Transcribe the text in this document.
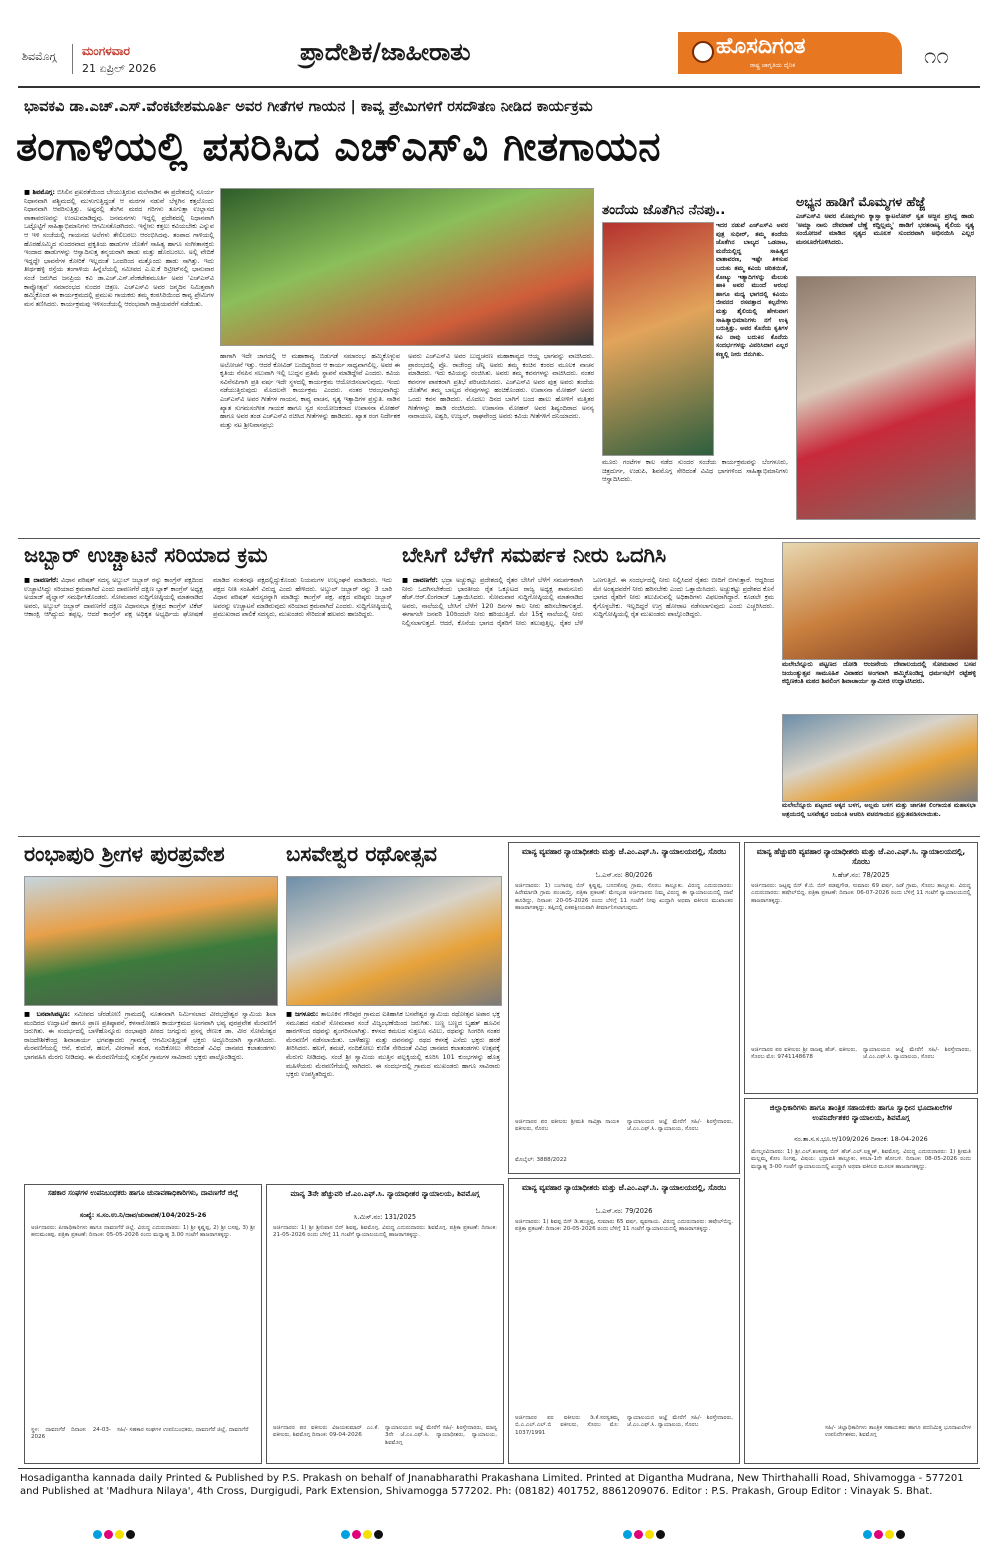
ಶಿವಮೊಗ್ಗ ಮಂಗಳವಾರ
21 ಏಪ್ರಿಲ್ 2026
ಪ್ರಾದೇಶಿಕ/ಜಾಹೀರಾತು	ಹೊಸದಿಗಂತ
ರಾಷ್ಟ್ರ ಜಾಗೃತಿಯ ದೈನಿಕ	೧೧
ಭಾವಕವಿ ಡಾ.ಎಚ್.ಎಸ್.ವೆಂಕಟೇಶಮೂರ್ತಿ ಅವರ ಗೀತೆಗಳ ಗಾಯನ | ಕಾವ್ಯ ಪ್ರೇಮಿಗಳಿಗೆ ರಸದೌತಣ ನೀಡಿದ ಕಾರ್ಯಕ್ರಮ
ತಂಗಾಳಿಯಲ್ಲಿ ಪಸರಿಸಿದ ಎಚ್‌ಎಸ್‌ವಿ ಗೀತಗಾಯನ
■ ಶಿವಮೊಗ್ಗ: ಬಿಸಿಲಿನ ಪ್ರಖರತೆಯಿಂದ ಬೇಯುತ್ತಿರುವ ಮಲೆನಾಡಿನ ಈ ಪ್ರದೇಶದಲ್ಲಿ ಸೂರ್ಯ ನಿಧಾನವಾಗಿ ಪಶ್ಚಿಮದಲ್ಲಿ ಮುಳುಗುತ್ತಿದ್ದಂತೆ ಆ ಮರಗಳ ನಡುವೆ ಬೆಳ್ಳಗಿನ ಕತ್ತಲೊಂದು ನಿಧಾನವಾಗಿ ಆವರಿಸುತ್ತಿತ್ತು. ಅಷ್ಟರಲ್ಲಿ ತೆಂಗಿನ ಮರದ ಗರಿಗಳು ತೂಗುತ್ತಾ ಉಲ್ಲಾಸದ ವಾತಾವರಣವನ್ನು ಉಂಟುಮಾಡಿದ್ದವು. ಜನಮನಗಳು ಇದ್ದಲ್ಲಿ ಪ್ರದೇಶದಲ್ಲಿ ನಿಧಾನವಾಗಿ ಒಟ್ಟೊಟ್ಟಿಗೆ ಸಾಹಿತ್ಯಾಭಿಮಾನಿಗಳು ಆಗಮಿಸತೊಡಗಿದರು. ಇನ್ನೇನು ಕತ್ತಲು ಕವಿಯಬೇಕು ಎನ್ನುವ ಆ ಇಳಿ ಸಂಜೆಯಲ್ಲಿ ಗಾಯನದ ಅಲೆಗಳು ತೇಲಿಬರಲು ಆರಂಭಿಸಿದವು. ತಂಪಾದ ಗಾಳಿಯಲ್ಲಿ ಹೊರಹೊಮ್ಮಿದ ಸುಂದರವಾದ ಪ್ರಕೃತಿಯ ಹಾಡುಗಳ ಜೊತೆಗೆ ಸಾಹಿತ್ಯ ಹಾಗೂ ಸಂಗೀತಾಸಕ್ತರು ಇಂದಾದ ಹಾಡುಗಳನ್ನು ಆಸ್ವಾದಿಸುತ್ತ ತನ್ಮಯರಾಗಿ ಹಾಡು ಮತ್ತು ಹೊರಬರಲು. ಅಲ್ಲಿ ವೇದಿಕೆ ಇದ್ದದ್ದೇ ಭಾವನೆಗಳ ಕೋರಿಕೆ ಇಲ್ಲದಂತೆ ಒಂದರಿಂದ ಮತ್ತೊಂದು ಹಾಡು ಸಾಗಿತ್ತು. ಇದು ತೀರ್ಥಹಳ್ಳಿ ರಸ್ತೆಯ ತಂಗಾಳಿಯ ಹಿನ್ನೆಲೆಯಲ್ಲಿ ಸಮೀಪದ ಎ.ಐ.ಕೆ ರಿಟ್ರೀಟ್‌ನಲ್ಲಿ ಭಾನುವಾರ ಸಂಜೆ ಜರುಗಿದ ಜನಪ್ರಿಯ ಕವಿ ಡಾ.ಎಚ್.ಎಸ್.ವೆಂಕಟೇಶಮೂರ್ತಿ ಅವರ 'ಎಚ್‌ಎಸ್‌ವಿ ಕಾವ್ಯೋತ್ಸವ' ಸಮಾರಂಭದ ಸುಂದರ ಚಿತ್ರಣ. ಎಚ್‌ಎಸ್‌ವಿ ಅವರ ಜನ್ಮದಿನ ನಿಮಿತ್ತವಾಗಿ ಹಮ್ಮಿಕೊಂಡ ಈ ಕಾರ್ಯಕ್ರಮದಲ್ಲಿ ಪ್ರಮುಖ ಗಾಯಕರು ತಮ್ಮ ಕಂಠಸಿರಿಯಿಂದ ಕಾವ್ಯ ಪ್ರೇಮಿಗಳ ಮನ ತಣಿಸಿದರು. ಕಾರ್ಯಕ್ರಮವು ಇಳಿಸಂಜೆಯಲ್ಲಿ ಆರಂಭವಾಗಿ ರಾತ್ರಿಯವರೆಗೆ ನಡೆಯಿತು.
ಹಾಗಾಗಿ ಇದೇ ಜಾಗದಲ್ಲಿ ಆ ಮಹಾಕಾವ್ಯ ಬಿಡುಗಡೆ ಸಮಾರಂಭ ಹಮ್ಮಿಕೊಳ್ಳುವ ಅಲೋಚನೆ ಇತ್ತು. ಆದರೆ ಕೋವಿಡ್ ಬಂದಿದ್ದರಿಂದ ಆ ಕಾರ್ಯ ಸಾಧ್ಯವಾಗಲಿಲ್ಲ. ಅವರ ಈ ಕೃತಿಯ ನೆನಪಿನ ಸಲುವಾಗಿ ಇಲ್ಲಿ ಬುದ್ದನ ಪ್ರತಿಮೆ ಸ್ಥಾಪನೆ ಮಾಡಿದ್ದೇವೆ ಎಂದರು. ಕವಿಯ ಸವಿನೆನಪಿಗಾಗಿ ಪ್ರತಿ ವರ್ಷ ಇದೇ ಸ್ಥಳದಲ್ಲಿ ಕಾರ್ಯಕ್ರಮ ಆಯೋಜಿಸಲಾಗುವುದು. ಇಂದು ನಡೆಯುತ್ತಿರುವುದು ಮೊದಲನೇ ಕಾರ್ಯಕ್ರಮ ಎಂದರು. ನಂತರ ಆರಂಭವಾಗಿದ್ದು ಎಚ್‌ಎಸ್‌ವಿ ಅವರ ಗೀತೆಗಳ ಗಾಯನ, ಕಾವ್ಯ ವಾಚನ, ನೃತ್ಯ ಇತ್ಯಾದಿಗಳ ಪ್ರಸ್ತುತಿ. ನಾಡಿನ ಖ್ಯಾತ ಸುಗಮಸಂಗೀತ ಗಾಯಕ ಹಾಗೂ ಸ್ವರ ಸಂಯೋಜಕರಾದ ಉಪಾಸನಾ ಮೋಹನ್ ಹಾಗೂ ಅವರ ತಂಡ ಎಚ್‌ಎಸ್‌ವಿ ರಚಿಸಿದ ಗೀತೆಗಳನ್ನು ಹಾಡಿದರು. ಖ್ಯಾತ ರಂಗ ನಿರ್ದೇಶಕ ಮತ್ತು ನಟ ಶ್ರೀನಿವಾಸಪ್ರಭು
ಅವರು ಎಚ್‌ಎಸ್‌ವಿ ಅವರ ಬುದ್ದಚರಣ ಮಹಾಕಾವ್ಯದ ಆಯ್ದ ಭಾಗವನ್ನು ವಾಚಿಸಿದರು. ಪ್ರಾರಂಭದಲ್ಲಿ ಪ್ರೊ. ರಾಜೇಂದ್ರ ಚೆನ್ನಿ ಅವರು ತಮ್ಮ ಕಂಚಿನ ಕಂಠದ ಮೂಲಕ ವಾಚನ ಮಾಡಿದರು. ಇದು ಕವಿಯನ್ನು ರಂಜಿಸಿತು. ಅವರು ತಮ್ಮ ಕವನಗಳನ್ನು ವಾಚಿಸಿದರು. ನಂತರ ಕವನಗಳ ಪಾಠಕರಾಗಿ ಪ್ರತಿಭೆ ಪರಿಚಯಿಸಿದರು. ಎಚ್‌ಎಸ್‌ವಿ ಅವರ ಪುತ್ರ ಅವರು ತಂದೆಯ ಜೊತೆಗಿನ ತಮ್ಮ ಬಾಲ್ಯದ ನೆನಪುಗಳನ್ನು ಹಂಚಿಕೊಂಡರು. ಉಪಾಸನಾ ಮೋಹನ್ ಅವರು ಒಂದು ಕವನ ಹಾಡಿದರು. ಮೊದಲು ದಿನದ ಬಾಗಿಗೆ ಬಂದ ಹಾಲು ಹೋಳಿಗೆ ಮತ್ತಿತರ ಗೀತೆಗಳನ್ನು ಹಾಡಿ ರಂಜಿಸಿದರು. ಉಪಾಸನಾ ಮೋಹನ್ ಅವರ ಶಿಷ್ಯಂದಿರಾದ ಅನನ್ಯ ನಾರಾಯಣ, ಐಶ್ವರಿ, ಉಜ್ವಲ್, ರಾಘವೇಂದ್ರ ಅವರು ಕವಿಯ ಗೀತೆಗಳಿಗೆ ದನಿಯಾದರು.
ತಂದೆಯ ಜೊತೆಗಿನ ನೆನಪು..
ಇದರ ನಡುವೆ ಎಚ್‌ಎಸ್‌ವಿ ಅವರ ಪುತ್ರ ಸುಧೀರ್, ತಮ್ಮ ತಂದೆಯ ಜೊತೆಗಿನ ಬಾಲ್ಯದ ಒಡನಾಟ, ಮನೆಯಲ್ಲಿದ್ದ ಸಾಹಿತ್ಯದ ವಾತಾವರಣ, ಇಷ್ಟೇ ತಿಳಿಸುವ ಬದುಕು ತಮ್ಮ ಕವಿಯ ಚರಿತಯಿತೆ, ಕೋಟ್ಯು ಇತ್ಯಾದಿಗಳನ್ನು ಮೆಲುಕು ಹಾಕಿ ಅವರ ಮುಂದೆ ಆರಂಭ ಹಾಗೂ ಮಧ್ಯ ಭಾಗದಲ್ಲಿ ಕವಿಯು ಜೀವನದ ರಸವತ್ತಾದ ಕಲ್ಪನೆಗಳು ಮತ್ತು ಶೈಲಿಯಲ್ಲಿ ಹೇಳುವಾಗ ಸಾಹಿತ್ಯಾಭಿಮಾನಿಗಳು ನಗೆ ಉಕ್ಕಿ ಬರುತ್ತಿತ್ತು. ಅವರ ಕೊನೆಯ ಕೃತಿಗಳ ಕವಿ ನಾವು ಬದುಕಿನ ಕೊನೆಯ ಸಂದರ್ಭಗಳನ್ನು ವಿವರಿಸಿದಾಗ ಎಲ್ಲರ ಕಣ್ಣಲ್ಲಿ ನೀರು ಜಿನುಗಿತು.
ಅಭ್ಯನ ಹಾಡಿಗೆ ಮೊಮ್ಮಗಳ ಹೆಜ್ಜೆ
ಎಚ್‌ಎಸ್‌ವಿ ಅವರ ಮೊಮ್ಮಗಳು ಕ್ಯಾಸ್ಸಾ ಕ್ಯಾಟಲೋನ್ ಸ್ವತ ಅಜ್ಜನ ಪ್ರಸಿದ್ಧ ಹಾಡು 'ಅಮ್ಮಾ ನಾನು ದೇವರಾಣೆ ಬೆಣ್ಣೆ ಕದ್ದಿಲ್ಲಮ್ಮ' ಹಾಡಿಗೆ ಭರತನಾಟ್ಯ ಶೈಲಿಯ ನೃತ್ಯ ಸಂಯೋಜನೆ ಮಾಡಿದ ನೃತ್ಯದ ಮೂಲಕ ಸುಂದರವಾಗಿ ಅಭಿನಯಿಸಿ ಎಲ್ಲರ ಮನಸೂರೆಗೊಳಿಸಿದರು.
ಮೂರು ಗಂಟೆಗಳ ಕಾಲ ನಡೆದ ಸುಂದರ ಸಂಜೆಯ ಕಾರ್ಯಕ್ರಮವನ್ನು ಬೆಂಗಳೂರು, ಚಿತ್ರದುರ್ಗ, ಉಡುಪಿ, ಶಿವಮೊಗ್ಗ ಸೇರಿದಂತೆ ವಿವಿಧ ಭಾಗಗಳಿಂದ ಸಾಹಿತ್ಯಾಭಿಮಾನಿಗಳು ಆಸ್ವಾದಿಸಿದರು.
ಜಬ್ಬಾರ್ ಉಚ್ಚಾಟನೆ ಸರಿಯಾದ ಕ್ರಮ
■ ದಾವಣಗೆರೆ: ವಿಧಾನ ಪರಿಷತ್ ಸದಸ್ಯ ಅಬ್ದುಲ್ ಜಬ್ಬಾರ್ ರನ್ನು ಕಾಂಗ್ರೆಸ್ ಪಕ್ಷದಿಂದ ಉಚ್ಚಾಟಿಸಿದ್ದು ಸರಿಯಾದ ಕ್ರಮವಾಗಿದೆ ಎಂದು ದಾವಣಗೆರೆ ದಕ್ಷಿಣ ಬ್ಲಾಕ್ ಕಾಂಗ್ರೆಸ್ ಅಧ್ಯಕ್ಷ ಅಯಾಜ್ ಪೈಲ್ವಾನ್ ಸಮರ್ಥಿಸಿಕೊಂಡರು. ಸೋಮವಾರ ಸುದ್ದಿಗೋಷ್ಠಿಯಲ್ಲಿ ಮಾತನಾಡಿದ ಅವರು, ಅಬ್ದುಲ್ ಜಬ್ಬಾರ್ ದಾವಣಗೆರೆ ದಕ್ಷಿಣ ವಿಧಾನಸಭಾ ಕ್ಷೇತ್ರದ ಕಾಂಗ್ರೆಸ್ ಟಿಕೆಟ್ ಆಕಾಂಕ್ಷಿ ಆಗಿದ್ದುದು ತಪ್ಪಲ್ಲ. ಆದರೆ ಕಾಂಗ್ರೆಸ್ ಪಕ್ಷ ಅಧಿಕೃತ ಅಭ್ಯರ್ಥಿಯ ಘೋಷಣೆ ಮಾಡಿದ ನಂತರವೂ ಪಕ್ಷದಲ್ಲಿದ್ದುಕೊಂಡು ನಿಯಮಗಳ ಉಲ್ಲಂಘನೆ ಮಾಡಿದರು. ಇದು ಪಕ್ಷದ ನೀತಿ ಸಂಹಿತೆಗೆ ವಿರುದ್ಧ ಎಂದು ಹೇಳಿದರು. ಅಬ್ದುಲ್ ಜಬ್ಬಾರ್ ರನ್ನು 3 ಬಾರಿ ವಿಧಾನ ಪರಿಷತ್ ಸದಸ್ಯರನ್ನಾಗಿ ಮಾಡಿದ್ದು ಕಾಂಗ್ರೆಸ್ ಪಕ್ಷ. ಪಕ್ಷದ ವರಿಷ್ಠರು ಜಬ್ಬಾರ್ ಅವರನ್ನು ಉಚ್ಚಾಟನೆ ಮಾಡಿರುವುದು ಸರಿಯಾದ ಕ್ರಮವಾಗಿದೆ ಎಂದರು. ಸುದ್ದಿಗೋಷ್ಠಿಯಲ್ಲಿ ಪ್ರಮುಖರಾದ ಪಾಲಿಕೆ ಸದಸ್ಯರು, ಮುಖಂಡರು ಸೇರಿದಂತೆ ಹಲವರು ಹಾಜರಿದ್ದರು.
ಬೇಸಿಗೆ ಬೆಳೆಗೆ ಸಮರ್ಪಕ ನೀರು ಒದಗಿಸಿ
■ ದಾವಣಗೆರೆ: ಭದ್ರಾ ಅಚ್ಚುಕಟ್ಟು ಪ್ರದೇಶದಲ್ಲಿ ರೈತರ ಬೇಸಿಗೆ ಬೆಳೆಗೆ ಸಮರ್ಪಕವಾಗಿ ನೀರು ಒದಗಿಸಬೇಕೆಂದು ಭಾರತೀಯ ರೈತ ಒಕ್ಕೂಟದ ರಾಜ್ಯ ಅಧ್ಯಕ್ಷ ಶಾಮನೂರು ಹೆಚ್.ಆರ್.ಲಿಂಗರಾಜ್ ಒತ್ತಾಯಿಸಿದರು. ಸೋಮವಾರ ಸುದ್ದಿಗೋಷ್ಠಿಯಲ್ಲಿ ಮಾತನಾಡಿದ ಅವರು, ನಾಲೆಯಲ್ಲಿ ಬೇಸಿಗೆ ಬೆಳೆಗೆ 120 ದಿನಗಳ ಕಾಲ ನೀರು ಹರಿಸಬೇಕಾಗುತ್ತದೆ. ಈಗಾಗಲೇ ಜನವರಿ 10ರಿಂದಲೇ ನೀರು ಹರಿಯುತ್ತಿದೆ. ಮೇ 15ಕ್ಕೆ ನಾಲೆಯಲ್ಲಿ ನೀರು ನಿಲ್ಲಿಸಲಾಗುತ್ತದೆ. ಆದರೆ, ಕೊನೆಯ ಭಾಗದ ರೈತರಿಗೆ ನೀರು ತಲುಪುತ್ತಿಲ್ಲ. ರೈತರ ಬೆಳೆ ಒಣಗುತ್ತಿದೆ. ಈ ಸಂದರ್ಭದಲ್ಲಿ ನೀರು ನಿಲ್ಲಿಸಿದರೆ ರೈತರು ಬೀದಿಗೆ ಬೀಳುತ್ತಾರೆ. ಆದ್ದರಿಂದ ಮೇ ಅಂತ್ಯದವರೆಗೆ ನೀರು ಹರಿಸಬೇಕು ಎಂದು ಒತ್ತಾಯಿಸಿದರು. ಅಚ್ಚುಕಟ್ಟು ಪ್ರದೇಶದ ಕೊನೆ ಭಾಗದ ರೈತರಿಗೆ ನೀರು ತಲುಪಿಸುವಲ್ಲಿ ಅಧಿಕಾರಿಗಳು ವಿಫಲರಾಗಿದ್ದಾರೆ. ಕೂಡಲೇ ಕ್ರಮ ಕೈಗೊಳ್ಳಬೇಕು. ಇಲ್ಲದಿದ್ದರೆ ಉಗ್ರ ಹೋರಾಟ ನಡೆಸಲಾಗುವುದು ಎಂದು ಎಚ್ಚರಿಸಿದರು. ಸುದ್ದಿಗೋಷ್ಠಿಯಲ್ಲಿ ರೈತ ಮುಖಂಡರು ಪಾಲ್ಗೊಂಡಿದ್ದರು.
ಮಲೇಬೆನ್ನೂರು ಪಟ್ಟಣದ ಜೋಡಿ ಆಂಜನೇಯ ದೇವಾಲಯದಲ್ಲಿ ಸೋಮವಾರ ಬಸವ ಜಯಂತ್ಯುತ್ಸವ ಸಾಮೂಹಿಕ ವಿವಾಹದ ಅಂಗವಾಗಿ ಹಮ್ಮಿಕೊಂಡಿದ್ದ ಧರ್ಮಸಭೆಗೆ ರಟ್ಟೆಹಳ್ಳಿ ಕಬ್ಬಿಣಕಂತಿ ಮಠದ ಶಿವಲಿಂಗ ಶಿವಾಚಾರ್ಯ ಸ್ವಾಮೀಜಿ ಉದ್ಘಾಟಿಸಿದರು.
ಮಲೇಬೆನ್ನೂರು ಪಟ್ಟಣದ ಅಕ್ಕನ ಬಳಗ, ಅಲ್ಲಮ ಬಳಗ ಮತ್ತು ಜಾಗತಿಕ ಲಿಂಗಾಯತ ಮಹಾಸಭಾ ಆಶ್ರಯದಲ್ಲಿ ಬಸವೇಶ್ವರ ಜಯಂತಿ ಆಚರಿಸಿ ವಚನಗಾಯನ ಪ್ರಸ್ತುತಪಡಿಸಲಾಯಿತು.
ರಂಭಾಪುರಿ ಶ್ರೀಗಳ ಪುರಪ್ರವೇಶ
■ ಬನವಾಸಿಪಟ್ಟಣ: ಸಮೀಪದ ಚೆರಡೋಣಿ ಗ್ರಾಮದಲ್ಲಿ ನೂತನವಾಗಿ ನಿರ್ಮಿಸಲಾದ ವೀರಭದ್ರೇಶ್ವರ ಸ್ವಾಮಿಯ ಶಿಲಾ ಮಂದಿರದ ಉದ್ಘಾಟನೆ ಹಾಗೂ ಪ್ರಾಣ ಪ್ರತಿಷ್ಠಾಪನೆ, ಕಳಸಾರೋಹಣ ಕಾರ್ಯಕ್ರಮದ ಅಂಗವಾಗಿ ಭವ್ಯ ಪುರಪ್ರವೇಶ ಮೆರವಣಿಗೆ ಜರುಗಿತು. ಈ ಸಂದರ್ಭದಲ್ಲಿ ಬಾಳೆಹೊನ್ನೂರು ರಂಭಾಪುರಿ ಪೀಠದ ಜಗದ್ಗುರು ಪ್ರಸನ್ನ ರೇಣುಕ ಡಾ. ವೀರ ಸೋಮೇಶ್ವರ ರಾಜದೇಶೀಕೇಂದ್ರ ಶಿವಾಚಾರ್ಯ ಭಗವತ್ಪಾದರು ಗ್ರಾಮಕ್ಕೆ ಆಗಮಿಸುತ್ತಿದ್ದಂತೆ ಭಕ್ತರು ಅದ್ದೂರಿಯಾಗಿ ಸ್ವಾಗತಿಸಿದರು. ಮೆರವಣಿಗೆಯಲ್ಲಿ ಆನೆ, ಕುದುರೆ, ಹಲಗೆ, ವೀರಗಾಸೆ ತಂಡ, ನಂದಿಕೋಲು ಸೇರಿದಂತೆ ವಿವಿಧ ಜಾನಪದ ಕಲಾತಂಡಗಳು ಭಾಗವಹಿಸಿ ಮೆರಗು ನೀಡಿದವು. ಈ ಮೆರವಣಿಗೆಯಲ್ಲಿ ಸುತ್ತಲಿನ ಗ್ರಾಮಗಳ ಸಾವಿರಾರು ಭಕ್ತರು ಪಾಲ್ಗೊಂಡಿದ್ದರು.
ಬಸವೇಶ್ವರ ರಥೋತ್ಸವ
■ ಜಗಳೂರು: ತಾಲೂಕಿನ ಗೌರಿಪುರ ಗ್ರಾಮದ ಐತಿಹಾಸಿಕ ಬಸವೇಶ್ವರ ಸ್ವಾಮಿಯ ರಥೋತ್ಸವ ಅಪಾರ ಭಕ್ತ ಸಮೂಹದ ನಡುವೆ ಸೋಮವಾರ ಸಂಜೆ ವಿಜೃಂಭಣೆಯಿಂದ ಜರುಗಿತು. ಬಣ್ಣ ಬಣ್ಣದ ಬೃಹತ್ ಹೂವಿನ ಹಾರಗಳಿಂದ ರಥವನ್ನು ಶೃಂಗರಿಸಲಾಗಿತ್ತು. ಕಳಸದ ಕಮಲದ ಸುತ್ತಲೂ ನವಿಲು, ರಥವನ್ನು ಸಿಂಗರಿಸಿ ನಂತರ ಮೆರವಣಿಗೆ ನಡೆಸಲಾಯಿತು. ಬಾಳೆಹಣ್ಣು ಮತ್ತು ದವನವನ್ನು ರಥದ ಕಳಸಕ್ಕೆ ಎಸೆದು ಭಕ್ತರು ಹರಕೆ ತೀರಿಸಿದರು. ಹಲಗೆ, ತಮಟೆ, ನಂದಿಕೋಲು ಕುಣಿತ ಸೇರಿದಂತೆ ವಿವಿಧ ಜಾನಪದ ಕಲಾತಂಡಗಳು ಉತ್ಸವಕ್ಕೆ ಮೆರುಗು ನೀಡಿದವು. ಸಂಜೆ ಶ್ರೀ ಸ್ವಾಮಿಯ ಮುತ್ತಿನ ಪಲ್ಲಕ್ಕಿಯಲ್ಲಿ ಕೂರಿಸಿ 101 ಕುಂಭಗಳನ್ನು ಹೊತ್ತ ಮಹಿಳೆಯರು ಮೆರವಣಿಗೆಯಲ್ಲಿ ಸಾಗಿದರು. ಈ ಸಂದರ್ಭದಲ್ಲಿ ಗ್ರಾಮದ ಮುಖಂಡರು ಹಾಗೂ ಸಾವಿರಾರು ಭಕ್ತರು ಉಪಸ್ಥಿತರಿದ್ದರು.
ಮಾನ್ಯ ವ್ಯವಹಾರ ನ್ಯಾಯಾಧೀಶರು ಮತ್ತು ಜೆ.ಎಂ.ಎಫ್.ಸಿ. ನ್ಯಾಯಾಲಯದಲ್ಲಿ, ಸೊರಬ
ಓ.ಎಸ್.ನಂ: 80/2026
ಅರ್ಜಿದಾರರು: 1) ಬಂಗಾರಪ್ಪ ಬಿನ್ ಕೃಷ್ಣಪ್ಪ, ಬನದಕೊಪ್ಪ ಗ್ರಾಮ, ಸೊರಬ ತಾಲ್ಲೂಕು. ವಿರುದ್ಧ ಎದುರುದಾರರು: ಹಿರೇಮಾಗಡಿ ಗ್ರಾಮ ಪಂಚಾಯ್ತಿ. ಪತ್ರಿಕಾ ಪ್ರಕಟಣೆ: ಮೇಲ್ಕಂಡ ಅರ್ಜಿದಾರರು ನಿಮ್ಮ ವಿರುದ್ಧ ಈ ನ್ಯಾಯಾಲಯದಲ್ಲಿ ದಾವೆ ಹೂಡಿದ್ದು, ದಿನಾಂಕ: 20-05-2026 ರಂದು ಬೆಳಿಗ್ಗೆ 11 ಗಂಟೆಗೆ ನೀವು ಖುದ್ದಾಗಿ ಅಥವಾ ವಕೀಲರ ಮುಖಾಂತರ ಹಾಜರಾಗತಕ್ಕದ್ದು. ತಪ್ಪಿದಲ್ಲಿ ಏಕಪಕ್ಷೀಯವಾಗಿ ತೀರ್ಮಾನಿಸಲಾಗುವುದು.
ಅರ್ಜಿದಾರರ ಪರ ವಕೀಲರು ಶ್ರೀಮತಿ ಸಾವಿತ್ರಾ ನಾಯಕ ವಕೀಲರು, ಸೊರಬ
ನ್ಯಾಯಾಲಯದ ಆಜ್ಞೆ ಮೇರೆಗೆ ಸಹಿ/- ಶಿರಸ್ತೇದಾರರು, ಜೆ.ಎಂ.ಎಫ್.ಸಿ. ನ್ಯಾಯಾಲಯ, ಸೊರಬ
ಮೊಬೈಲ್: 3888/2022
ಮಾನ್ಯ ಹೆಚ್ಚುವರಿ ವ್ಯವಹಾರ ನ್ಯಾಯಾಧೀಶರು ಮತ್ತು ಜೆ.ಎಂ.ಎಫ್.ಸಿ. ನ್ಯಾಯಾಲಯದಲ್ಲಿ, ಸೊರಬ
ಸಿ.ಹೆಚ್.ನಂ: 78/2025
ಅರ್ಜಿದಾರರು: ಜಟ್ಟಪ್ಪ ಬಿನ್ ಕೆ.ಬಿ. ಬಿನ್ ಪಡಪ್ಪಗೌಡ, ಸುಮಾರು 69 ವರ್ಷ, ಜಡೆ ಗ್ರಾಮ, ಸೊರಬ ತಾಲ್ಲೂಕು. ವಿರುದ್ಧ ಎದುರುದಾರರು: ಹಷೇಲ್‌ಬಿದ್ದ. ಪತ್ರಿಕಾ ಪ್ರಕಟಣೆ: ದಿನಾಂಕ: 06-07-2026 ರಂದು ಬೆಳಿಗ್ಗೆ 11 ಗಂಟೆಗೆ ನ್ಯಾಯಾಲಯದಲ್ಲಿ ಹಾಜರಾಗತಕ್ಕದ್ದು.
ಅರ್ಜಿದಾರರ ಪರ ವಕೀಲರು ಶ್ರೀ ರಾಜಪ್ಪ ಹೆಚ್. ವಕೀಲರು, ಸೊರಬ ಮೊ: 9741148678
ನ್ಯಾಯಾಲಯದ ಆಜ್ಞೆ ಮೇರೆಗೆ ಸಹಿ/- ಶಿರಸ್ತೇದಾರರು, ಜೆ.ಎಂ.ಎಫ್.ಸಿ. ನ್ಯಾಯಾಲಯ, ಸೊರಬ
ಜಿಲ್ಲಾಧಿಕಾರಿಗಳು ಹಾಗೂ ತಾಂತ್ರಿಕ ಸಹಾಯಕರು ಹಾಗೂ ಸ್ವಾಧೀನ ಭೂದಾಖಲೆಗಳ ಉಪನಿರ್ದೇಶಕರ ನ್ಯಾಯಾಲಯ, ಶಿವಮೊಗ್ಗ
ನಂ.ತಾ.ಸ.ಸ.ಭೂ.ಆ/109/2026 ದಿನಾಂಕ: 18-04-2026
ಮೇಲ್ಮನವಿದಾರರು: 1) ಶ್ರೀ.ಎಲ್.ಶಂಕರಪ್ಪ ಬಿನ್ ಹೆಚ್.ಎಲ್.ಲಕ್ಷ್ಮಣ್, ಶಿವಮೊಗ್ಗ. ವಿರುದ್ಧ ಎದುರುದಾರರು: 1) ಶ್ರೀಮತಿ ಮಲ್ಲಮ್ಮ ಕೋಂ ನಿಂಗಪ್ಪ. ವಿಷಯ: ಭದ್ರಾವತಿ ತಾಲ್ಲೂಕು, ಕಸಬಾ-1ನೇ ಹೋಬಳಿ. ದಿನಾಂಕ: 08-05-2026 ರಂದು ಮಧ್ಯಾಹ್ನ 3-00 ಗಂಟೆಗೆ ನ್ಯಾಯಾಲಯದಲ್ಲಿ ಖುದ್ದಾಗಿ ಅಥವಾ ವಕೀಲರ ಮೂಲಕ ಹಾಜರಾಗತಕ್ಕದ್ದು.
ಸಹಿ/- ಜಿಲ್ಲಾಧಿಕಾರಿಗಳು ತಾಂತ್ರಿಕ ಸಹಾಯಕರು ಹಾಗೂ ಪದನಿಮಿತ್ತ ಭೂದಾಖಲೆಗಳ ಉಪನಿರ್ದೇಶಕರು, ಶಿವಮೊಗ್ಗ
ಮಾನ್ಯ ವ್ಯವಹಾರ ನ್ಯಾಯಾಧೀಶರು ಮತ್ತು ಜೆ.ಎಂ.ಎಫ್.ಸಿ. ನ್ಯಾಯಾಲಯದಲ್ಲಿ, ಸೊರಬ
ಓ.ಎಸ್.ನಂ: 79/2026
ಅರ್ಜಿದಾರರು: 1) ಶಿವಪ್ಪ ಬಿನ್ ಡಿ.ಹುಚ್ಚಪ್ಪ, ಸುಮಾರು 65 ವರ್ಷ, ವ್ಯವಸಾಯ. ವಿರುದ್ಧ ಎದುರುದಾರರು: ಹಷೇಲ್‌ಬಿದ್ದ. ಪತ್ರಿಕಾ ಪ್ರಕಟಣೆ: ದಿನಾಂಕ: 20-05-2026 ರಂದು ಬೆಳಿಗ್ಗೆ 11 ಗಂಟೆಗೆ ನ್ಯಾಯಾಲಯದಲ್ಲಿ ಹಾಜರಾಗತಕ್ಕದ್ದು.
ಅರ್ಜಿದಾರರ ಪರ ವಕೀಲರು ಡಿ.ಕೆ.ಸರಸ್ವತಮ್ಮ ಬಿ.ಎ.ಎಲ್.ಎಲ್.ಬಿ ವಕೀಲರು, ಸೊರಬ ಮೊ: 1037/1991
ನ್ಯಾಯಾಲಯದ ಆಜ್ಞೆ ಮೇರೆಗೆ ಸಹಿ/- ಶಿರಸ್ತೇದಾರರು, ಜೆ.ಎಂ.ಎಫ್.ಸಿ. ನ್ಯಾಯಾಲಯ, ಸೊರಬ
ಸಹಕಾರ ಸಂಘಗಳ ಉಪನಿಬಂಧಕರು ಹಾಗೂ ಚುನಾವಣಾಧಿಕಾರಿಗಳು, ದಾವಣಗೆರೆ ಜಿಲ್ಲೆ
ಸಂಖ್ಯೆ: ಸ.ಸಂ.ಉ.ನಿ/ದಾವ/ಚುನಾವಣೆ/104/2025-26
ಅರ್ಜಿದಾರರು: ಪೀಠಾಧಿಕಾರಿಗಳು ಹಾಗೂ ದಾವಣಗೆರೆ ಜಿಲ್ಲೆ. ವಿರುದ್ಧ ಎದುರುದಾರರು: 1) ಶ್ರೀ ಕೃಷ್ಣಪ್ಪ, 2) ಶ್ರೀ ಬಸಪ್ಪ, 3) ಶ್ರೀ ಹನುಮಂತಪ್ಪ. ಪತ್ರಿಕಾ ಪ್ರಕಟಣೆ: ದಿನಾಂಕ: 05-05-2026 ರಂದು ಮಧ್ಯಾಹ್ನ 3.00 ಗಂಟೆಗೆ ಹಾಜರಾಗತಕ್ಕದ್ದು.
ಸ್ಥಳ: ದಾವಣಗೆರೆ ದಿನಾಂಕ: 24-03-2026
ಸಹಿ/- ಸಹಕಾರ ಸಂಘಗಳ ಉಪನಿಬಂಧಕರು, ದಾವಣಗೆರೆ ಜಿಲ್ಲೆ, ದಾವಣಗೆರೆ
ಮಾನ್ಯ 3ನೇ ಹೆಚ್ಚುವರಿ ಜೆ.ಎಂ.ಎಫ್.ಸಿ. ನ್ಯಾಯಾಧೀಶರ ನ್ಯಾಯಾಲಯ, ಶಿವಮೊಗ್ಗ
ಸಿ.ಮಿಸ್.ನಂ: 131/2025
ಅರ್ಜಿದಾರರು: 1) ಶ್ರೀ ಶ್ರೀನಿವಾಸ ಬಿನ್ ಶಿವಪ್ಪ, ಶಿವಮೊಗ್ಗ. ವಿರುದ್ಧ ಎದುರುದಾರರು: ಶಿವಮೊಗ್ಗ. ಪತ್ರಿಕಾ ಪ್ರಕಟಣೆ: ದಿನಾಂಕ: 21-05-2026 ರಂದು ಬೆಳಿಗ್ಗೆ 11 ಗಂಟೆಗೆ ನ್ಯಾಯಾಲಯದಲ್ಲಿ ಹಾಜರಾಗತಕ್ಕದ್ದು.
ಅರ್ಜಿದಾರರ ಪರ ವಕೀಲರು ವಿಜಯಕುಮಾರ್ ಎಂ.ಕೆ. ವಕೀಲರು, ಶಿವಮೊಗ್ಗ ದಿನಾಂಕ: 09-04-2026
ನ್ಯಾಯಾಲಯದ ಆಜ್ಞೆ ಮೇರೆಗೆ ಸಹಿ/- ಶಿರಸ್ತೇದಾರರು, ಮಾನ್ಯ 3ನೇ ಜೆ.ಎಂ.ಎಫ್.ಸಿ. ನ್ಯಾಯಾಧೀಶರು, ನ್ಯಾಯಾಲಯ, ಶಿವಮೊಗ್ಗ
Hosadigantha kannada daily Printed & Published by P.S. Prakash on behalf of Jnanabharathi Prakashana Limited. Printed at Digantha Mudrana, New Thirthahalli Road, Shivamogga - 577201
and Published at 'Madhura Nilaya', 4th Cross, Durgigudi, Park Extension, Shivamogga 577202. Ph: (08182) 401752, 8861209076. Editor : P.S. Prakash, Group Editor : Vinayak S. Bhat.
